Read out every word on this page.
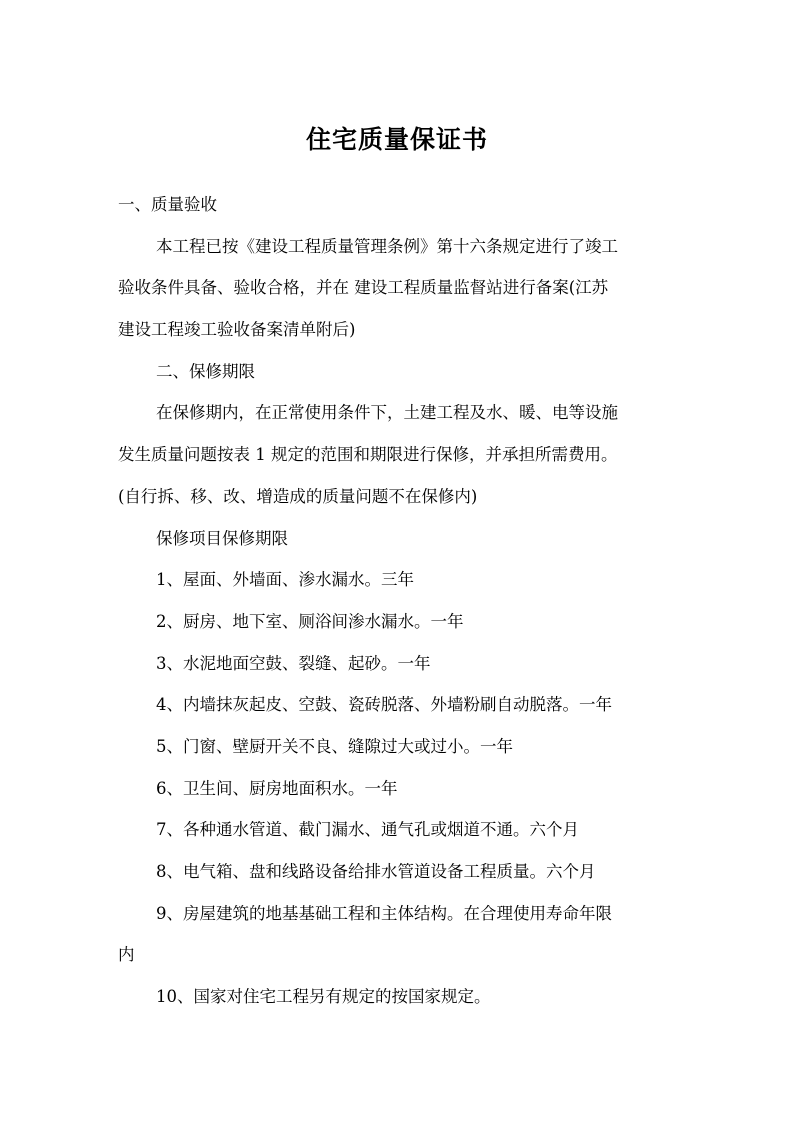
住宅质量保证书

一、质量验收

本工程已按《建设工程质量管理条例》第十六条规定进行了竣工

验收条件具备、验收合格，并在 建设工程质量监督站进行备案(江苏

建设工程竣工验收备案清单附后)

二、保修期限

在保修期内，在正常使用条件下，土建工程及水、暖、电等设施

发生质量问题按表 1 规定的范围和期限进行保修，并承担所需费用。

(自行拆、移、改、增造成的质量问题不在保修内)

保修项目保修期限

1、屋面、外墙面、渗水漏水。三年

2、厨房、地下室、厕浴间渗水漏水。一年

3、水泥地面空鼓、裂缝、起砂。一年

4、内墙抹灰起皮、空鼓、瓷砖脱落、外墙粉刷自动脱落。一年

5、门窗、壁厨开关不良、缝隙过大或过小。一年

6、卫生间、厨房地面积水。一年

7、各种通水管道、截门漏水、通气孔或烟道不通。六个月

8、电气箱、盘和线路设备给排水管道设备工程质量。六个月

9、房屋建筑的地基基础工程和主体结构。在合理使用寿命年限

内

10、国家对住宅工程另有规定的按国家规定。
